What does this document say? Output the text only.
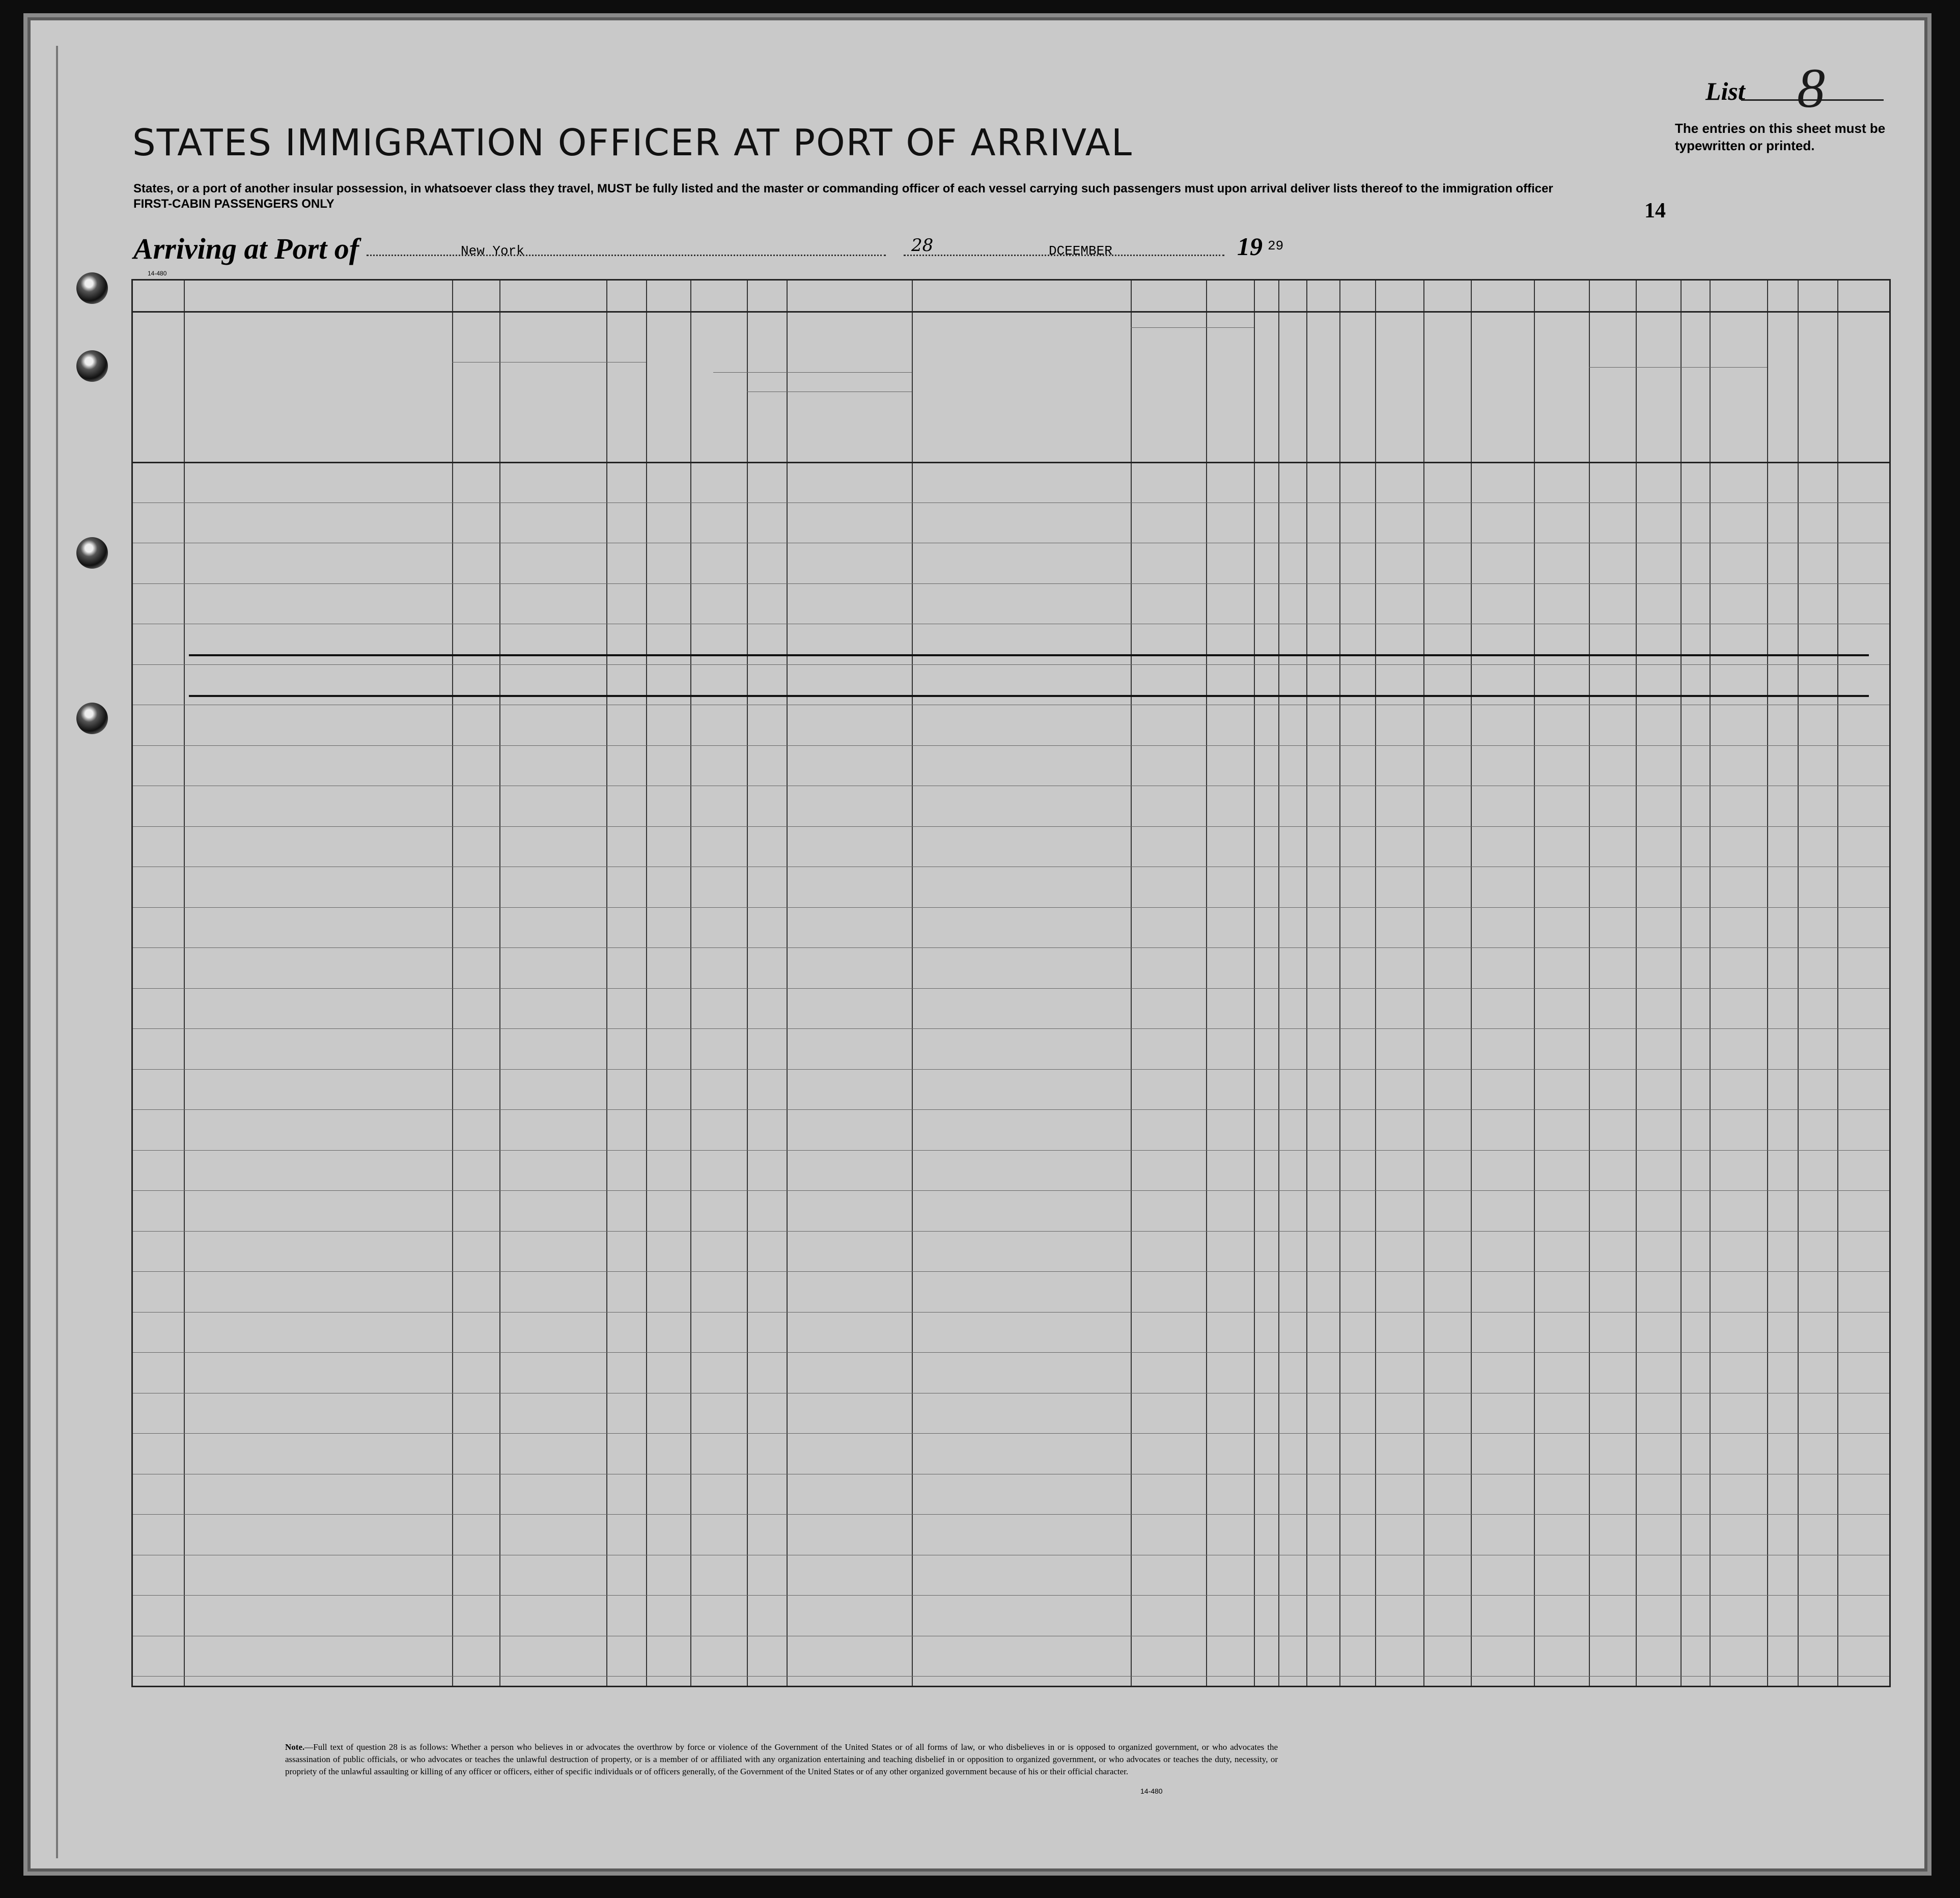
List 8
The entries on this sheet must be typewritten or printed.
STATES IMMIGRATION OFFICER AT PORT OF ARRIVAL
States, or a port of another insular possession, in whatsoever class they travel, MUST be fully listed and the master or commanding officer of each vessel carrying such passengers must upon arrival deliver lists thereof to the immigration officer
FIRST-CABIN PASSENGERS ONLY	14
Arriving at Port of	New York	28	DCEEMBER	19 29
14-480
Note.—Full text of question 28 is as follows: Whether a person who believes in or advocates the overthrow by force or violence of the Government of the United States or of all forms of law, or who disbelieves in or is opposed to organized government, or who advocates the assassination of public officials, or who advocates or teaches the unlawful destruction of property, or is a member of or affiliated with any organization entertaining and teaching disbelief in or opposition to organized government, or who advocates or teaches the duty, necessity, or propriety of the unlawful assaulting or killing of any officer or officers, either of specific individuals or of officers generally, of the Government of the United States or of any other organized government because of his or their official character.
14-480
